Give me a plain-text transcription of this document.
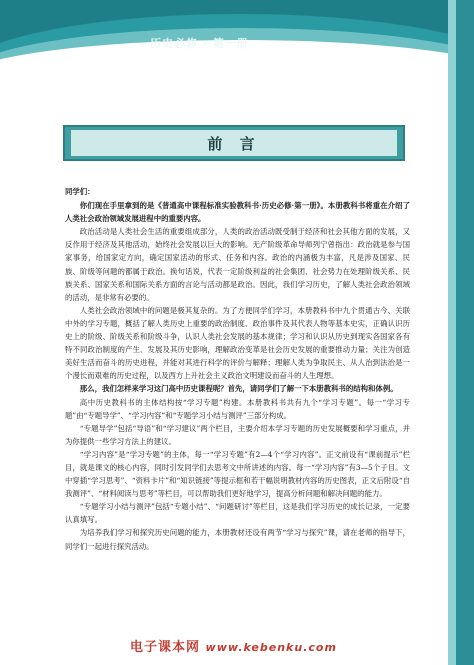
历史必修 · 第一册
前 言

同学们：

你们现在手里拿到的是《普通高中课程标准实验教科书·历史必修·第一册》。本册教科书将重在介绍了人类社会政治领域发展进程中的重要内容。

政治活动是人类社会生活的重要组成部分，人类的政治活动既受制于经济和社会其他方面的发展，又反作用于经济及其他活动，始终社会发展以巨大的影响。无产阶级革命导师列宁曾指出：政治就是参与国家事务，给国家定方向，确定国家活动的形式、任务和内容。政治的内涵极为丰富，凡是涉及国家、民族、阶级等问题的都属于政治。换句话说，代表一定阶级利益的社会集团、社会势力在处理阶级关系、民族关系、国家关系和国际关系方面的言论与活动都是政治。因此，我们学习历史，了解人类社会政治领域的活动，是非常有必要的。

人类社会政治领域中的问题是极其复杂的。为了方便同学们学习，本册教科书中九个贯通古今、关联中外的学习专题，概括了解人类历史上重要的政治制度、政治事件及其代表人物等基本史实，正确认识历史上的阶级、阶级关系和阶级斗争，认识人类社会发展的基本规律；学习和认识从历史到现实各国家各有特不同政治制度的产生、发展及其历史影响，理解政治变革是社会历史发展的重要推动力量；关注为创造美好生活而奋斗的历史进程，并能对其进行科学的评价与解释；理解人类为争取民主、从人治到法治是一个漫长而艰难的历史过程，以及西方上升社会主义政治文明建设而奋斗的人生理想。

那么，我们怎样来学习这门高中历史课程呢？首先，请同学们了解一下本册教科书的结构和体例。

高中历史教科书的主体结构按“学习专题”构建。本册教科书共有九个“学习专题”。每一“学习专题”由“专题导学”、“学习内容”和“专题学习小结与测评”三部分构成。

“专题导学”包括“导语”和“学习建议”两个栏目，主要介绍本学习专题的历史发展概要和学习重点，并为你提供一些学习方法上的建议。

“学习内容”是“学习专题”的主体，每一“学习专题”有2—4个“学习内容”。正文前设有“课前提示”栏目，就是课文的核心内容，同时引发同学们去思考文中所讲述的内容。每一“学习内容”有3—5个子目。文中穿插“学习思考”、“资料卡片”和“知识链接”等提示框和若干幅说明教材内容的历史图表，正文后附设“自我测评”、“材料阅读与思考”等栏目，可以帮助我们更好地学习，提高分析问题和解决问题的能力。

“专题学习小结与测评”包括“专题小结”、“问题研讨”等栏目，这是我们学习历史的成长记录，一定要认真填写。

为培养我们学习和探究历史问题的能力，本册教材还设有两节“学习与探究”课，请在老师的指导下，同学们一起进行探究活动。

电子课本网 www.kebenku.com
